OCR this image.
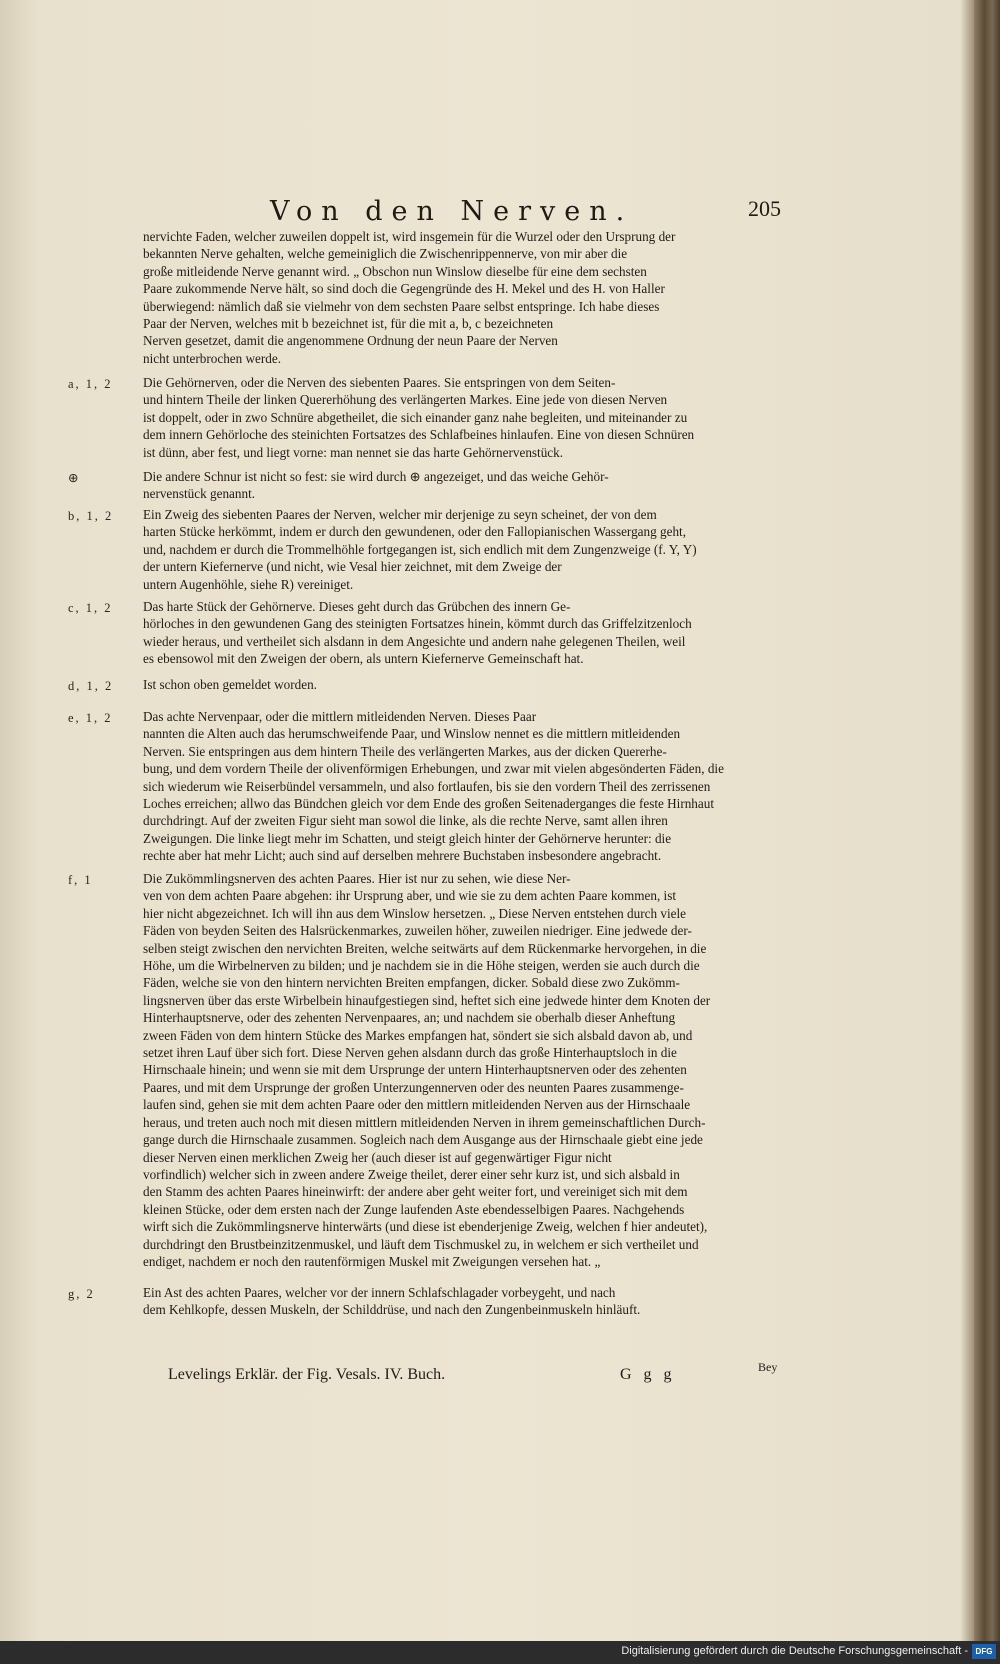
Von den Nerven.	205
nervichte Faden, welcher zuweilen doppelt ist, wird insgemein für die Wurzel oder den Ursprung der
bekannten Nerve gehalten, welche gemeiniglich die Zwischenrippennerve, von mir aber die
große mitleidende Nerve genannt wird. „ Obschon nun Winslow dieselbe für eine dem sechsten
Paare zukommende Nerve hält, so sind doch die Gegengründe des H. Mekel und des H. von Haller
überwiegend: nämlich daß sie vielmehr von dem sechsten Paare selbst entspringe. Ich habe dieses
Paar der Nerven, welches mit b bezeichnet ist, für die mit a, b, c bezeichneten
Nerven gesetzet, damit die angenommene Ordnung der neun Paare der Nerven
nicht unterbrochen werde.
a, 1, 2 Die Gehörnerven, oder die Nerven des siebenten Paares. Sie entspringen von dem Seiten-
und hintern Theile der linken Quererhöhung des verlängerten Markes. Eine jede von diesen Nerven
ist doppelt, oder in zwo Schnüre abgetheilet, die sich einander ganz nahe begleiten, und miteinander zu
dem innern Gehörloche des steinichten Fortsatzes des Schlafbeines hinlaufen. Eine von diesen Schnüren
ist dünn, aber fest, und liegt vorne: man nennet sie das harte Gehörnervenstück.
⊕	Die andere Schnur ist nicht so fest: sie wird durch ⊕ angezeiget, und das weiche Gehör-
nervenstück genannt.
b, 1, 2 Ein Zweig des siebenten Paares der Nerven, welcher mir derjenige zu seyn scheinet, der von dem
harten Stücke herkömmt, indem er durch den gewundenen, oder den Fallopianischen Wassergang geht,
und, nachdem er durch die Trommelhöhle fortgegangen ist, sich endlich mit dem Zungenzweige (f. Y, Y)
der untern Kiefernerve (und nicht, wie Vesal hier zeichnet, mit dem Zweige der
untern Augenhöhle, siehe R) vereiniget.
c, 1, 2 Das harte Stück der Gehörnerve. Dieses geht durch das Grübchen des innern Ge-
hörloches in den gewundenen Gang des steinigten Fortsatzes hinein, kömmt durch das Griffelzitzenloch
wieder heraus, und vertheilet sich alsdann in dem Angesichte und andern nahe gelegenen Theilen, weil
es ebensowol mit den Zweigen der obern, als untern Kiefernerve Gemeinschaft hat.
d, 1, 2 Ist schon oben gemeldet worden.
e, 1, 2 Das achte Nervenpaar, oder die mittlern mitleidenden Nerven. Dieses Paar
nannten die Alten auch das herumschweifende Paar, und Winslow nennet es die mittlern mitleidenden
Nerven. Sie entspringen aus dem hintern Theile des verlängerten Markes, aus der dicken Quererhe-
bung, und dem vordern Theile der olivenförmigen Erhebungen, und zwar mit vielen abgesönderten Fäden, die
sich wiederum wie Reiserbündel versammeln, und also fortlaufen, bis sie den vordern Theil des zerrissenen
Loches erreichen; allwo das Bündchen gleich vor dem Ende des großen Seitenaderganges die feste Hirnhaut
durchdringt. Auf der zweiten Figur sieht man sowol die linke, als die rechte Nerve, samt allen ihren
Zweigungen. Die linke liegt mehr im Schatten, und steigt gleich hinter der Gehörnerve herunter: die
rechte aber hat mehr Licht; auch sind auf derselben mehrere Buchstaben insbesondere angebracht.
f, 1	Die Zukömmlingsnerven des achten Paares. Hier ist nur zu sehen, wie diese Ner-
ven von dem achten Paare abgehen: ihr Ursprung aber, und wie sie zu dem achten Paare kommen, ist
hier nicht abgezeichnet. Ich will ihn aus dem Winslow hersetzen. „ Diese Nerven entstehen durch viele
Fäden von beyden Seiten des Halsrückenmarkes, zuweilen höher, zuweilen niedriger. Eine jedwede der-
selben steigt zwischen den nervichten Breiten, welche seitwärts auf dem Rückenmarke hervorgehen, in die
Höhe, um die Wirbelnerven zu bilden; und je nachdem sie in die Höhe steigen, werden sie auch durch die
Fäden, welche sie von den hintern nervichten Breiten empfangen, dicker. Sobald diese zwo Zukömm-
lingsnerven über das erste Wirbelbein hinaufgestiegen sind, heftet sich eine jedwede hinter dem Knoten der
Hinterhauptsnerve, oder des zehenten Nervenpaares, an; und nachdem sie oberhalb dieser Anheftung
zween Fäden von dem hintern Stücke des Markes empfangen hat, söndert sie sich alsbald davon ab, und
setzet ihren Lauf über sich fort. Diese Nerven gehen alsdann durch das große Hinterhauptsloch in die
Hirnschaale hinein; und wenn sie mit dem Ursprunge der untern Hinterhauptsnerven oder des zehenten
Paares, und mit dem Ursprunge der großen Unterzungennerven oder des neunten Paares zusammenge-
laufen sind, gehen sie mit dem achten Paare oder den mittlern mitleidenden Nerven aus der Hirnschaale
heraus, und treten auch noch mit diesen mittlern mitleidenden Nerven in ihrem gemeinschaftlichen Durch-
gange durch die Hirnschaale zusammen. Sogleich nach dem Ausgange aus der Hirnschaale giebt eine jede
dieser Nerven einen merklichen Zweig her (auch dieser ist auf gegenwärtiger Figur nicht
vorfindlich) welcher sich in zween andere Zweige theilet, derer einer sehr kurz ist, und sich alsbald in
den Stamm des achten Paares hineinwirft: der andere aber geht weiter fort, und vereiniget sich mit dem
kleinen Stücke, oder dem ersten nach der Zunge laufenden Aste ebendesselbigen Paares. Nachgehends
wirft sich die Zukömmlingsnerve hinterwärts (und diese ist ebenderjenige Zweig, welchen f hier andeutet),
durchdringt den Brustbeinzitzenmuskel, und läuft dem Tischmuskel zu, in welchem er sich vertheilet und
endiget, nachdem er noch den rautenförmigen Muskel mit Zweigungen versehen hat. „
g, 2	Ein Ast des achten Paares, welcher vor der innern Schlafschlagader vorbeygeht, und nach
dem Kehlkopfe, dessen Muskeln, der Schilddrüse, und nach den Zungenbeinmuskeln hinläuft.
Levelings Erklär. der Fig. Vesals. IV. Buch.	G g g	Bey
Digitalisierung gefördert durch die Deutsche Forschungsgemeinschaft - DFG
